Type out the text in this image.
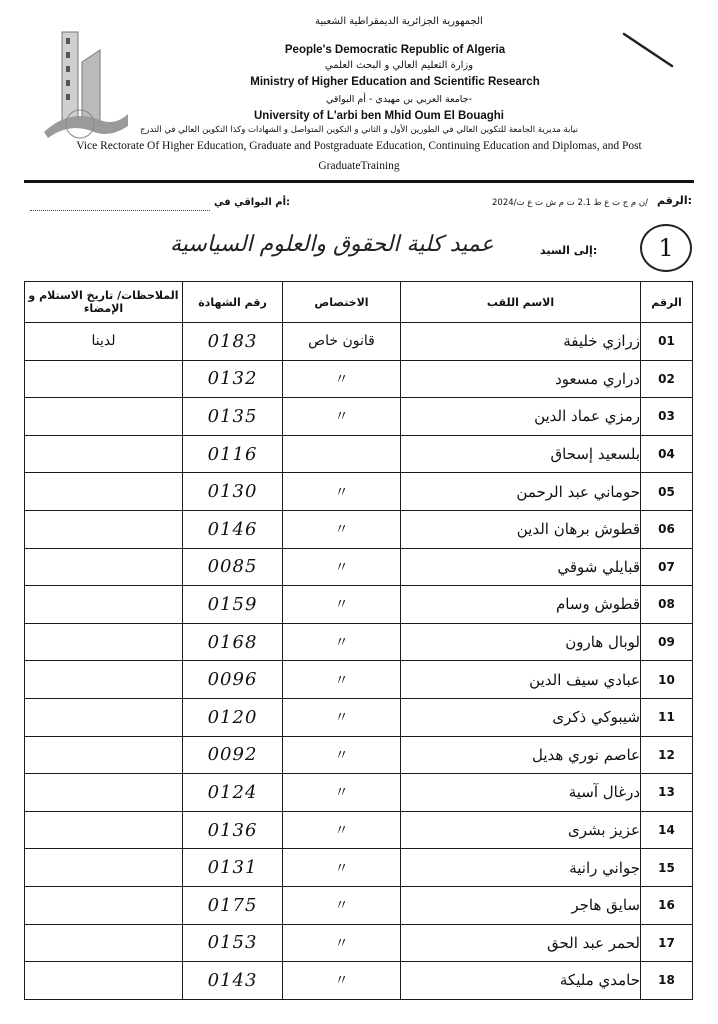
الجمهورية الجزائرية الديمقراطية الشعبية
People's Democratic Republic of Algeria
وزارة التعليم العالي و البحث العلمي
Ministry of Higher Education and Scientific Research
جامعة العربي بن مهيدي - أم البواقي-
University of L'arbi ben Mhid Oum El Bouaghi
نيابة مديرية الجامعة للتكوين العالي في الطورين الأول و الثاني و التكوين المتواصل و الشهادات وكذا التكوين العالي في التدرج
Vice Rectorate Of Higher Education, Graduate and Postgraduate Education, Continuing Education and Diplomas, and Post
GraduateTraining
الرقم:
/ن م ج ت ع ط 2.1 ت م ش ت ع ت/2024
أم البواقي في:
1
إلى السيد:
عميد كلية الحقوق والعلوم السياسية
الملاحظات/ تاريخ الاستلام و الإمضاء	رقم الشهادة	الاختصاص	الاسم اللقب	الرقم
لدينا	0183	قانون خاص	زرازي خليفة	01
	0132	〃	دراري مسعود	02
	0135	〃	رمزي عماد الدين	03
	0116		بلسعيد إسحاق	04
	0130	〃	حوماني عبد الرحمن	05
	0146	〃	قطوش برهان الدين	06
	0085	〃	قبايلي شوقي	07
	0159	〃	قطوش وسام	08
	0168	〃	لوبال هارون	09
	0096	〃	عبادي سيف الدين	10
	0120	〃	شيبوكي ذكرى	11
	0092	〃	عاصم نوري هديل	12
	0124	〃	درغال آسية	13
	0136	〃	عزيز بشرى	14
	0131	〃	جواني رانية	15
	0175	〃	سايق هاجر	16
	0153	〃	لحمر عبد الحق	17
	0143	〃	حامدي مليكة	18
